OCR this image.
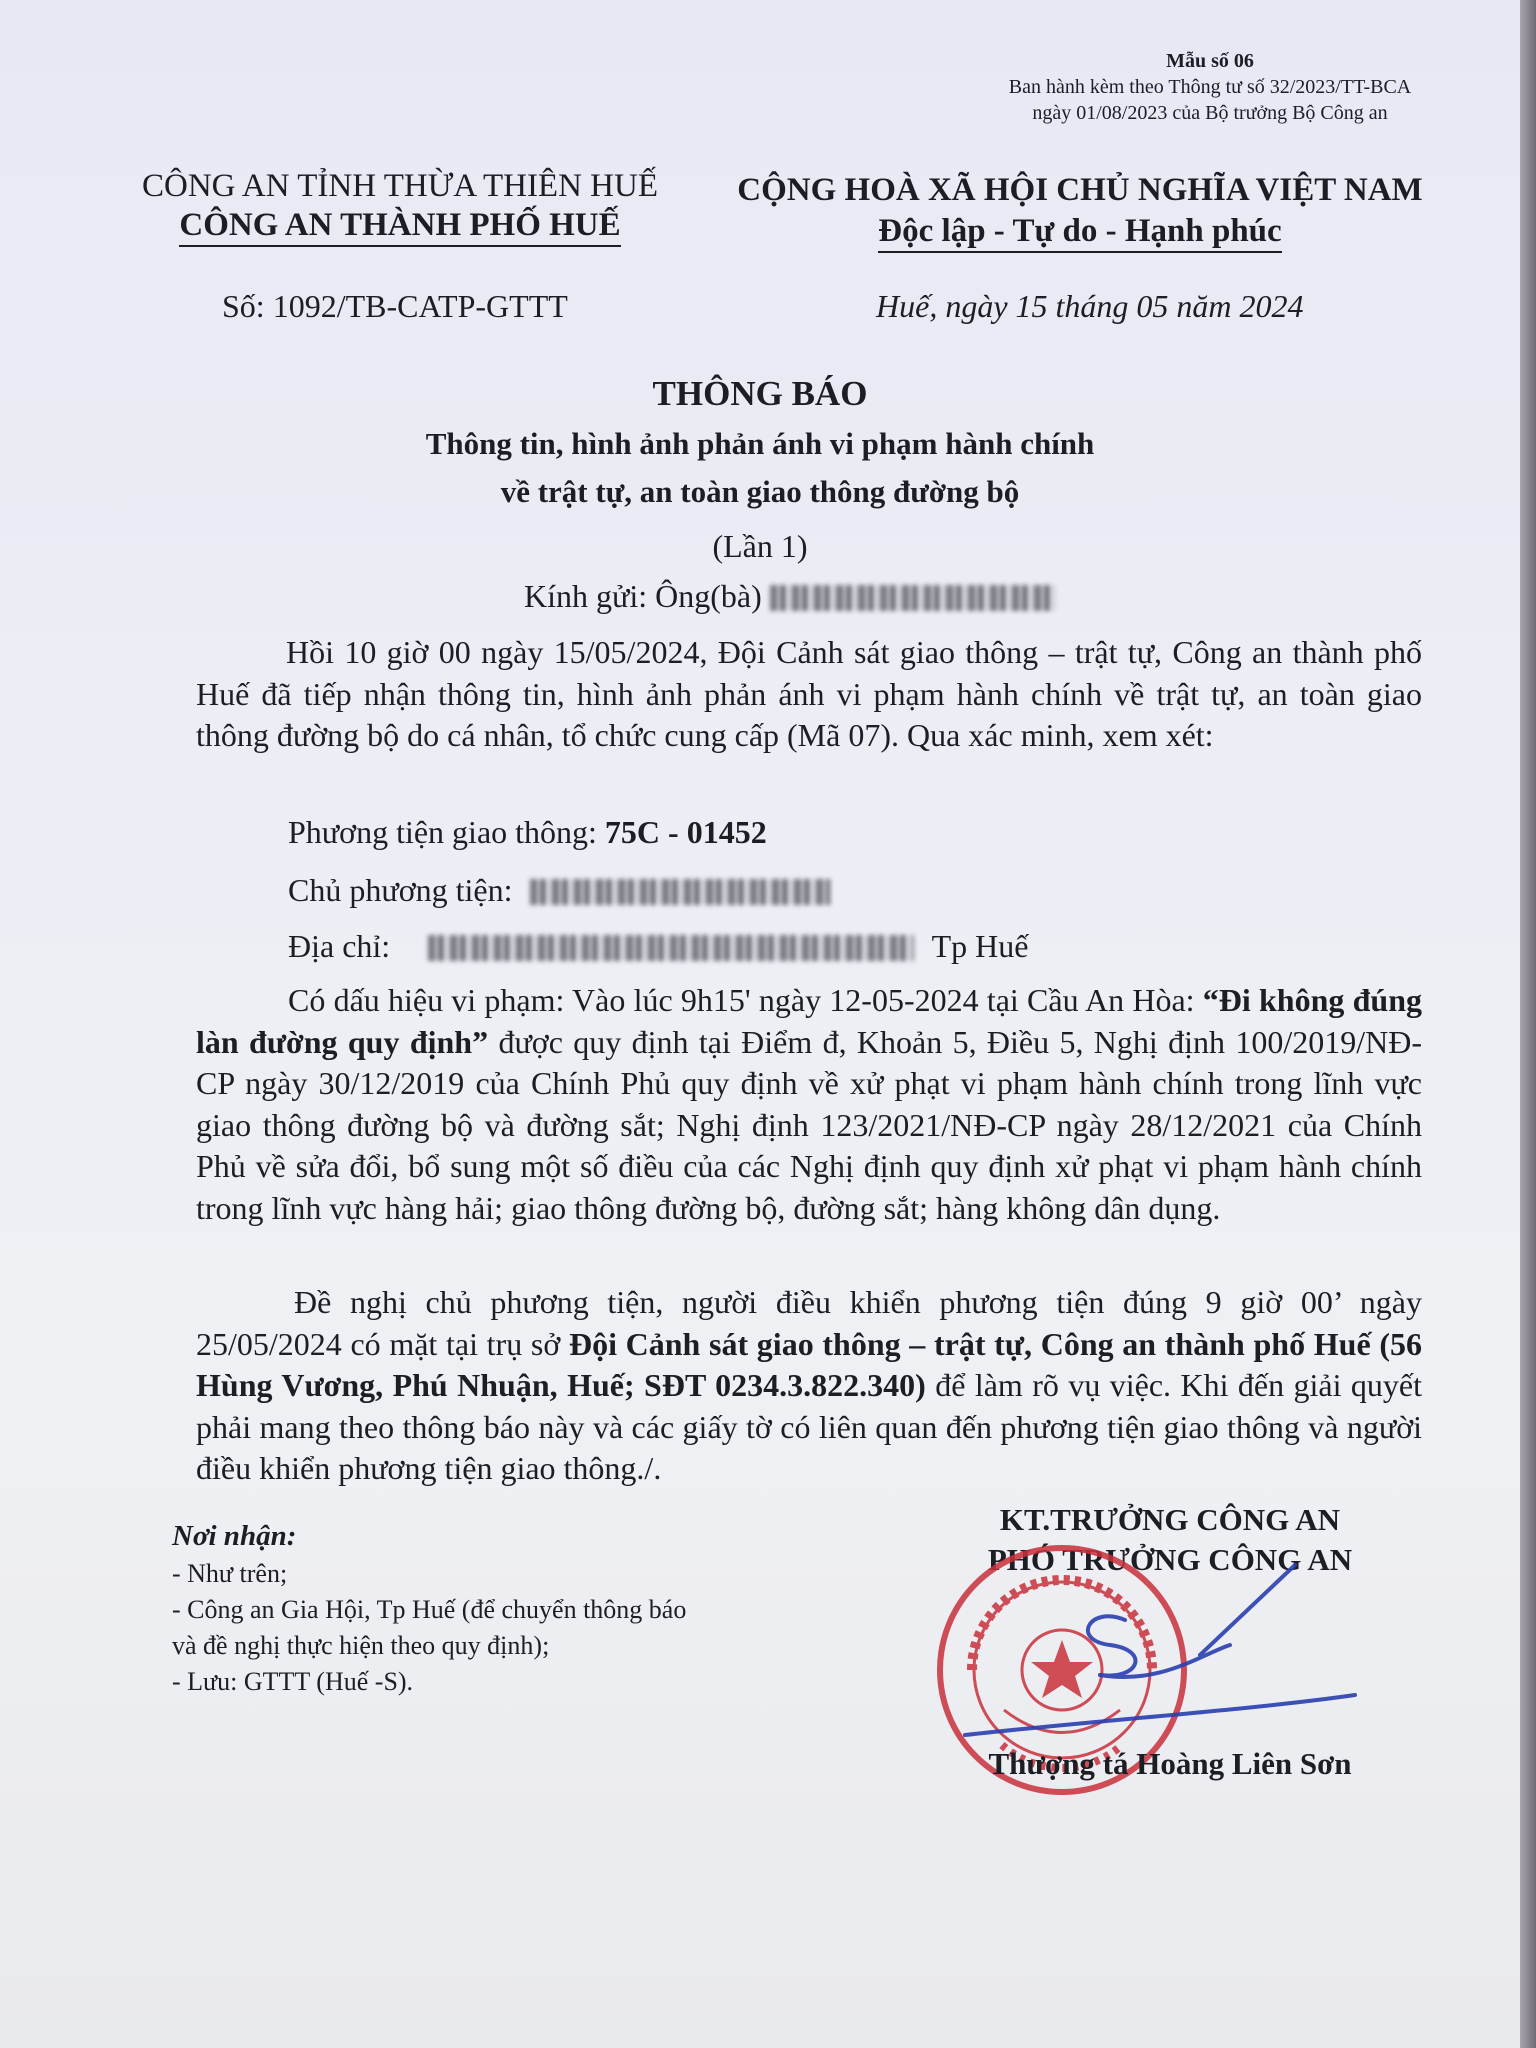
Mẫu số 06
Ban hành kèm theo Thông tư số 32/2023/TT-BCA
ngày 01/08/2023 của Bộ trưởng Bộ Công an
CÔNG AN TỈNH THỪA THIÊN HUẾ
CÔNG AN THÀNH PHỐ HUẾ
CỘNG HOÀ XÃ HỘI CHỦ NGHĨA VIỆT NAM
Độc lập - Tự do - Hạnh phúc
Số: 1092/TB-CATP-GTTT	Huế, ngày 15 tháng 05 năm 2024
THÔNG BÁO
Thông tin, hình ảnh phản ánh vi phạm hành chính
về trật tự, an toàn giao thông đường bộ
(Lần 1)
Kính gửi: Ông(bà)
Hồi 10 giờ 00 ngày 15/05/2024, Đội Cảnh sát giao thông – trật tự, Công an thành phố Huế đã tiếp nhận thông tin, hình ảnh phản ánh vi phạm hành chính về trật tự, an toàn giao thông đường bộ do cá nhân, tổ chức cung cấp (Mã 07). Qua xác minh, xem xét:
Phương tiện giao thông: 75C - 01452
Chủ phương tiện:
Địa chỉ:	Tp Huế
Có dấu hiệu vi phạm: Vào lúc 9h15' ngày 12-05-2024 tại Cầu An Hòa: “Đi không đúng làn đường quy định” được quy định tại Điểm đ, Khoản 5, Điều 5, Nghị định 100/2019/NĐ-CP ngày 30/12/2019 của Chính Phủ quy định về xử phạt vi phạm hành chính trong lĩnh vực giao thông đường bộ và đường sắt; Nghị định 123/2021/NĐ-CP ngày 28/12/2021 của Chính Phủ về sửa đổi, bổ sung một số điều của các Nghị định quy định xử phạt vi phạm hành chính trong lĩnh vực hàng hải; giao thông đường bộ, đường sắt; hàng không dân dụng.
Đề nghị chủ phương tiện, người điều khiển phương tiện đúng 9 giờ 00’ ngày 25/05/2024 có mặt tại trụ sở Đội Cảnh sát giao thông – trật tự, Công an thành phố Huế (56 Hùng Vương, Phú Nhuận, Huế; SĐT 0234.3.822.340) để làm rõ vụ việc. Khi đến giải quyết phải mang theo thông báo này và các giấy tờ có liên quan đến phương tiện giao thông và người điều khiển phương tiện giao thông./.
Nơi nhận:
- Như trên;
- Công an Gia Hội, Tp Huế (để chuyển thông báo
và đề nghị thực hiện theo quy định);
- Lưu: GTTT (Huế -S).
KT.TRƯỞNG CÔNG AN
PHÓ TRƯỞNG CÔNG AN
Thượng tá Hoàng Liên Sơn
